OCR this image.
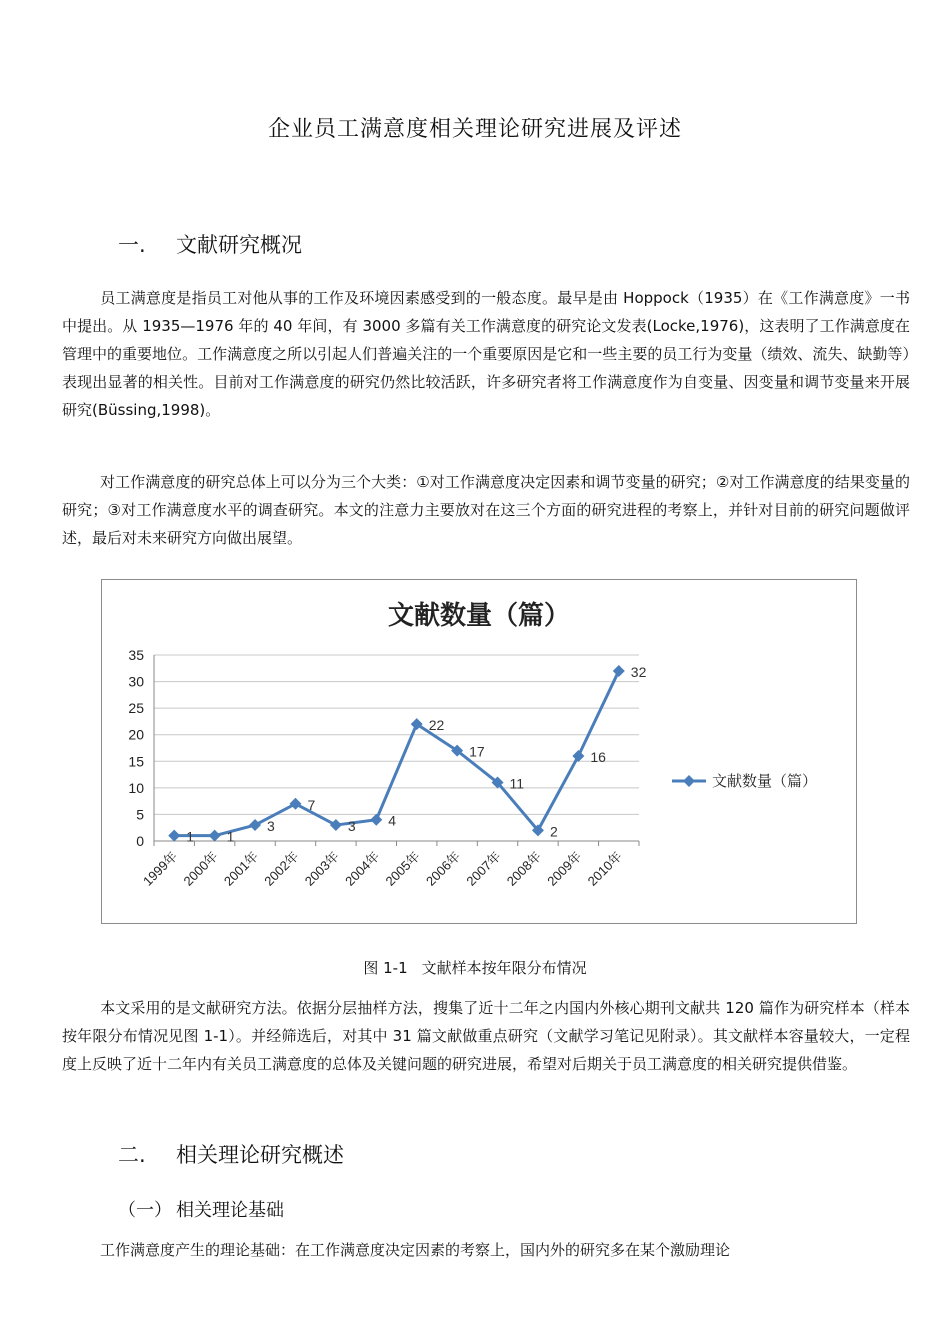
企业员工满意度相关理论研究进展及评述
一. 文献研究概况

员工满意度是指员工对他从事的工作及环境因素感受到的一般态度。最早是由 Hoppock（1935）在《工作满意度》一书中提出。从 1935—1976 年的 40 年间，有 3000 多篇有关工作满意度的研究论文发表(Locke,1976)，这表明了工作满意度在管理中的重要地位。工作满意度之所以引起人们普遍关注的一个重要原因是它和一些主要的员工行为变量（绩效、流失、缺勤等）表现出显著的相关性。目前对工作满意度的研究仍然比较活跃，许多研究者将工作满意度作为自变量、因变量和调节变量来开展研究(Büssing,1998)。

对工作满意度的研究总体上可以分为三个大类：①对工作满意度决定因素和调节变量的研究；②对工作满意度的结果变量的研究；③对工作满意度水平的调查研究。本文的注意力主要放对在这三个方面的研究进程的考察上，并针对目前的研究问题做评述，最后对未来研究方向做出展望。

文献数量（篇）
0
5
10
15
20
25
30
35
1999年 2000年 2001年 2002年 2003年 2004年 2005年 2006年 2007年 2008年 2009年 2010年
1 1
3
7
3 4
22
17
11
2
16
32
文献数量（篇）
图 1-1 文献样本按年限分布情况

本文采用的是文献研究方法。依据分层抽样方法，搜集了近十二年之内国内外核心期刊文献共 120 篇作为研究样本（样本按年限分布情况见图 1-1）。并经筛选后，对其中 31 篇文献做重点研究（文献学习笔记见附录）。其文献样本容量较大，一定程度上反映了近十二年内有关员工满意度的总体及关键问题的研究进展，希望对后期关于员工满意度的相关研究提供借鉴。

二. 相关理论研究概述
（一） 相关理论基础

工作满意度产生的理论基础：在工作满意度决定因素的考察上，国内外的研究多在某个激励理论
